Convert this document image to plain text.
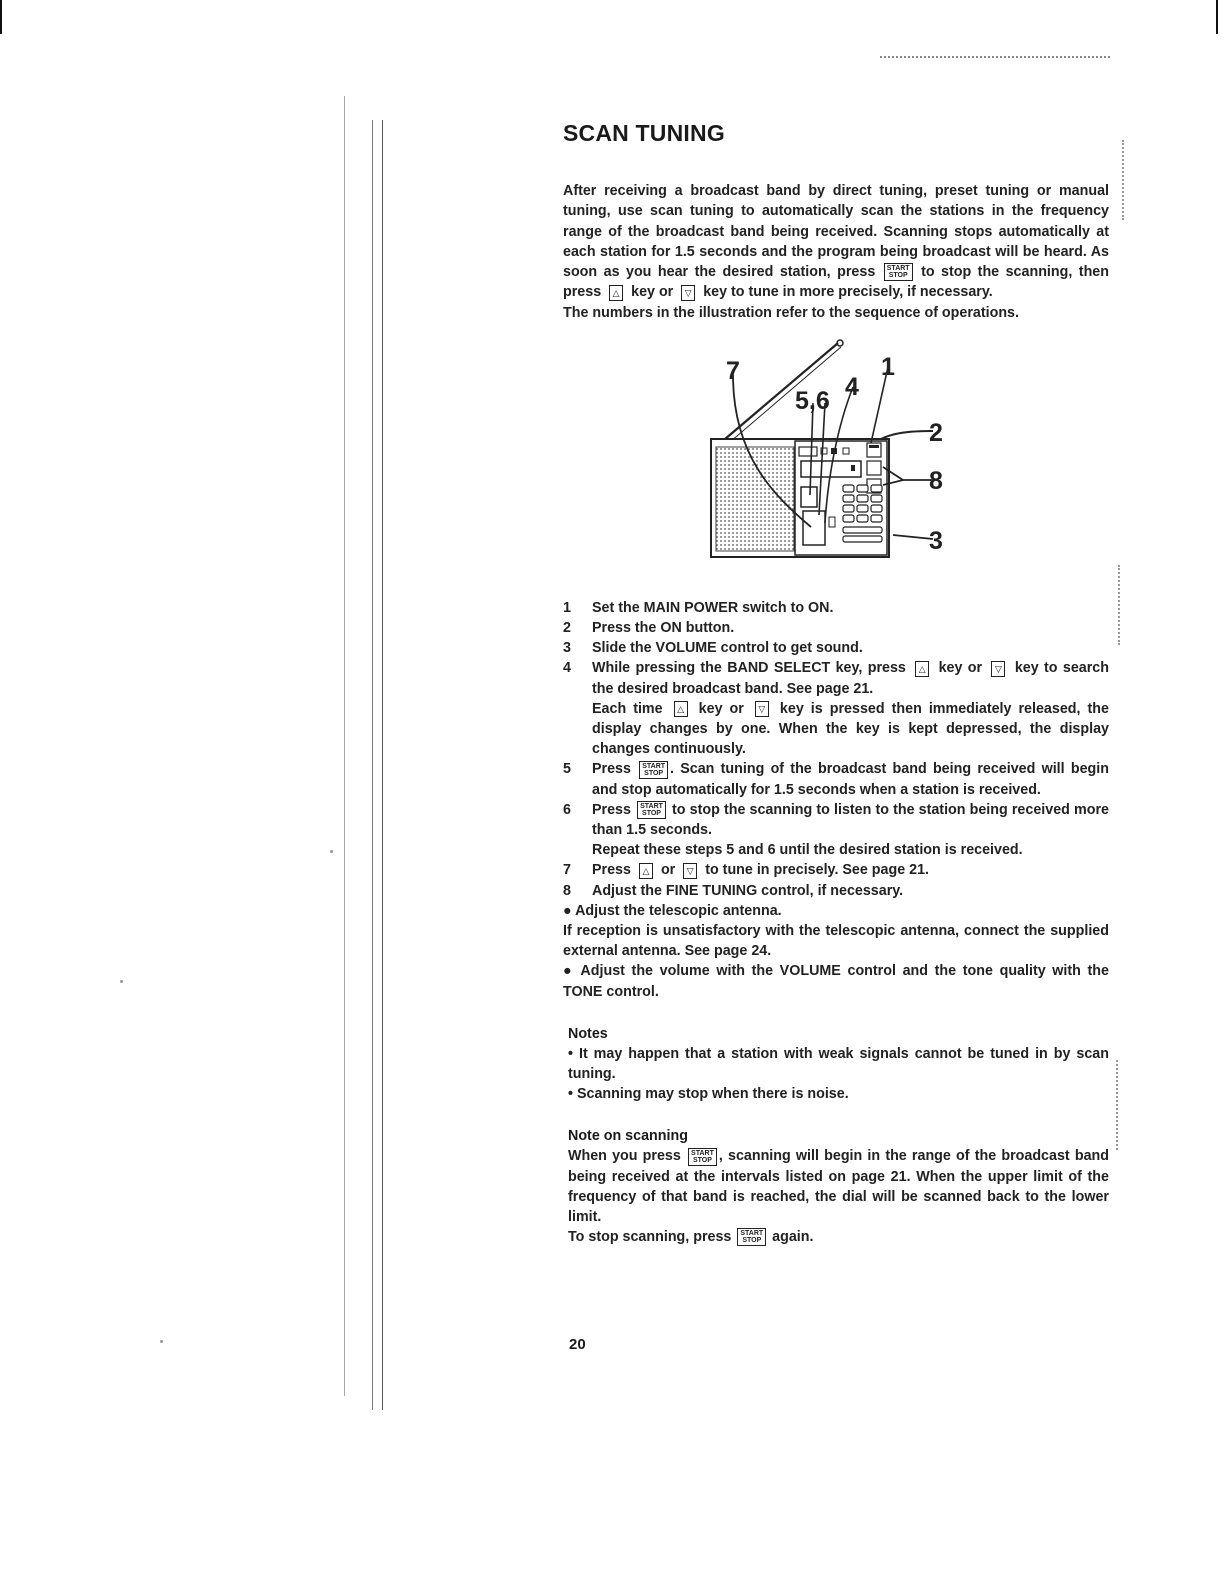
SCAN TUNING

After receiving a broadcast band by direct tuning, preset tuning or manual tuning, use scan tuning to automatically scan the stations in the frequency range of the broadcast band being received. Scanning stops automatically at each station for 1.5 seconds and the program being broadcast will be heard. As soon as you hear the desired station, press START
STOP to stop the scanning, then press △ key or ▽ key to tune in more precisely, if necessary.

The numbers in the illustration refer to the sequence of operations.

7
5,6 4
1
2
8
3
1 Set the MAIN POWER switch to ON.
2 Press the ON button.
3 Slide the VOLUME control to get sound.
4 While pressing the BAND SELECT key, press △ key or ▽ key to search the desired broadcast band. See page 21.
Each time △ key or ▽ key is pressed then immediately released, the display changes by one. When the key is kept depressed, the display changes continuously.
5 Press START
STOP . Scan tuning of the broadcast band being received will begin and stop automatically for 1.5 seconds when a station is received.
6 Press START
STOP to stop the scanning to listen to the station being received more than 1.5 seconds.
Repeat these steps 5 and 6 until the desired station is received.
7 Press △ or ▽ to tune in precisely. See page 21.
8 Adjust the FINE TUNING control, if necessary.

● Adjust the telescopic antenna.

If reception is unsatisfactory with the telescopic antenna, connect the supplied external antenna. See page 24.

● Adjust the volume with the VOLUME control and the tone quality with the TONE control.

Notes

• It may happen that a station with weak signals cannot be tuned in by scan tuning.

• Scanning may stop when there is noise.

Note on scanning

When you press START
STOP , scanning will begin in the range of the broadcast band being received at the intervals listed on page 21. When the upper limit of the frequency of that band is reached, the dial will be scanned back to the lower limit.

To stop scanning, press START
STOP again.

20
